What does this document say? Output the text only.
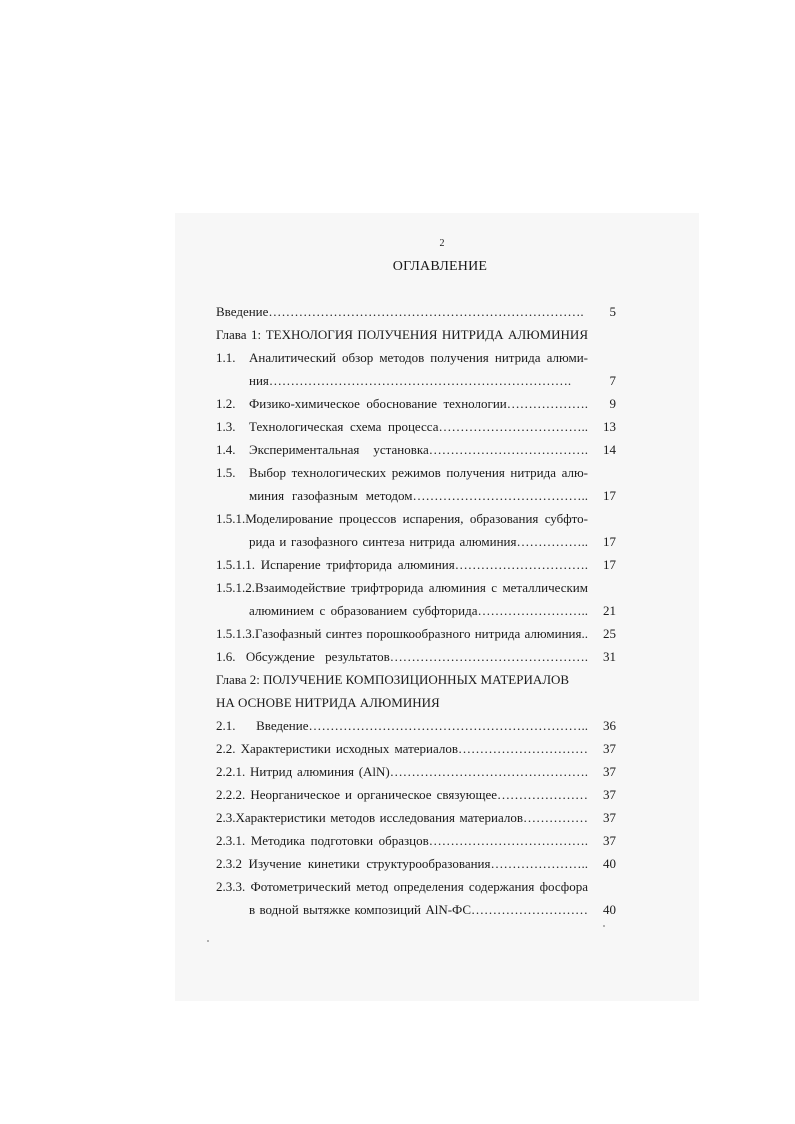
2
ОГЛАВЛЕНИЕ
Введение……………………………………………………………….	5
Глава 1: ТЕХНОЛОГИЯ ПОЛУЧЕНИЯ НИТРИДА АЛЮМИНИЯ
1.1. Аналитический обзор методов получения нитрида алюми-
ния…………………………………………………………….	7
1.2. Физико-химическое обоснование технологии……………….	9
1.3. Технологическая схема процесса……………………………..	13
1.4. Экспериментальная установка……………………………….	14
1.5. Выбор технологических режимов получения нитрида алю-
миния газофазным методом…………………………………..	17
1.5.1.Моделирование процессов испарения, образования субфто-
рида и газофазного синтеза нитрида алюминия……………..	17
1.5.1.1. Испарение трифторида алюминия………………………….	17
1.5.1.2.Взаимодействие трифтрорида алюминия с металлическим
алюминием с образованием субфторида……………………..	21
1.5.1.3.Газофазный синтез порошкообразного нитрида алюминия..	25
1.6. Обсуждение результатов……………………………………….	31
Глава 2: ПОЛУЧЕНИЕ КОМПОЗИЦИОННЫХ МАТЕРИАЛОВ
НА ОСНОВЕ НИТРИДА АЛЮМИНИЯ
2.1. Введение………………………………………………………..	36
2.2. Характеристики исходных материалов…………………………	37
2.2.1. Нитрид алюминия (AlN)……………………………………….	37
2.2.2. Неорганическое и органическое связующее…………………	37
2.3.Характеристики методов исследования материалов……………	37
2.3.1. Методика подготовки образцов……………………………….	37
2.3.2 Изучение кинетики структурообразования…………………..	40
2.3.3. Фотометрический метод определения содержания фосфора
в водной вытяжке композиций AlN-ФС………………………	40
